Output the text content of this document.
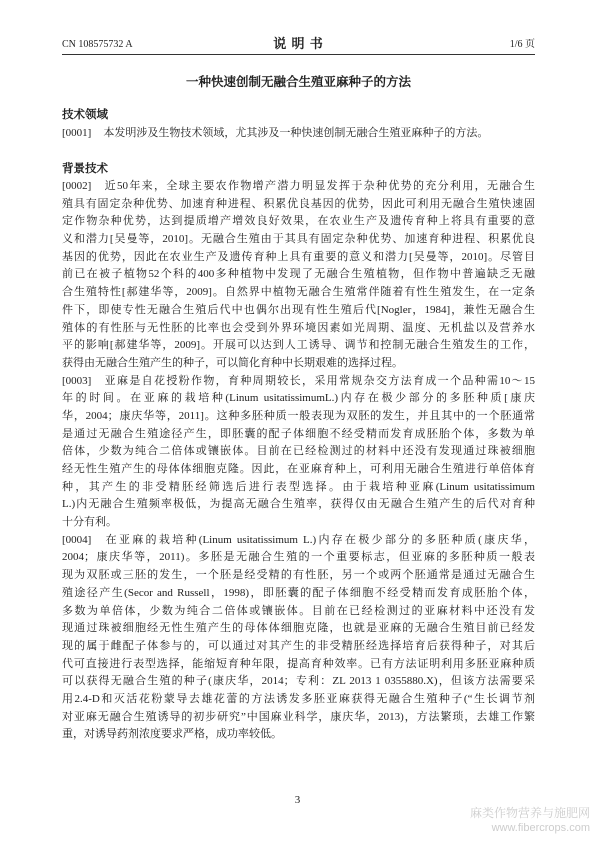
CN 108575732 A	说 明 书	1/6 页
一种快速创制无融合生殖亚麻种子的方法
技术领域
[0001] 本发明涉及生物技术领域，尤其涉及一种快速创制无融合生殖亚麻种子的方法。
背景技术
[0002] 近50年来，全球主要农作物增产潜力明显发挥于杂种优势的充分利用，无融合生
殖具有固定杂种优势、加速育种进程、积累优良基因的优势，因此可利用无融合生殖快速固
定作物杂种优势，达到提质增产增效良好效果，在农业生产及遗传育种上将具有重要的意
义和潜力[吴曼等，2010]。无融合生殖由于其具有固定杂种优势、加速育种进程、积累优良
基因的优势，因此在农业生产及遗传育种上具有重要的意义和潜力[吴曼等，2010]。尽管目
前已在被子植物52个科的400多种植物中发现了无融合生殖植物，但作物中普遍缺乏无融
合生殖特性[郝建华等，2009]。自然界中植物无融合生殖常伴随着有性生殖发生，在一定条
件下，即使专性无融合生殖后代中也偶尔出现有性生殖后代[Nogler，1984]，兼性无融合生
殖体的有性胚与无性胚的比率也会受到外界环境因素如光周期、温度、无机盐以及营养水
平的影响[郝建华等，2009]。开展可以达到人工诱导、调节和控制无融合生殖发生的工作，
获得由无融合生殖产生的种子，可以简化育种中长期艰难的选择过程。
[0003] 亚麻是自花授粉作物，育种周期较长，采用常规杂交方法育成一个品种需10～15
年的时间。在亚麻的栽培种(Linum usitatissimumL.)内存在极少部分的多胚种质[康庆
华，2004；康庆华等，2011]。这种多胚种质一般表现为双胚的发生，并且其中的一个胚通常
是通过无融合生殖途径产生，即胚囊的配子体细胞不经受精而发育成胚胎个体，多数为单
倍体，少数为纯合二倍体或镶嵌体。目前在已经检测过的材料中还没有发现通过珠被细胞
经无性生殖产生的母体体细胞克隆。因此，在亚麻育种上，可利用无融合生殖进行单倍体育
种，其产生的非受精胚经筛选后进行表型选择。由于栽培种亚麻(Linum usitatissimum
L.)内无融合生殖频率极低，为提高无融合生殖率，获得仅由无融合生殖产生的后代对育种
十分有利。
[0004] 在亚麻的栽培种(Linum usitatissimum L.)内存在极少部分的多胚种质(康庆华，
2004；康庆华等，2011)。多胚是无融合生殖的一个重要标志，但亚麻的多胚种质一般表
现为双胚或三胚的发生，一个胚是经受精的有性胚，另一个或两个胚通常是通过无融合生
殖途径产生(Secor and Russell，1998)，即胚囊的配子体细胞不经受精而发育成胚胎个体，
多数为单倍体，少数为纯合二倍体或镶嵌体。目前在已经检测过的亚麻材料中还没有发
现通过珠被细胞经无性生殖产生的母体体细胞克隆，也就是亚麻的无融合生殖目前已经发
现的属于雌配子体参与的，可以通过对其产生的非受精胚经选择培育后获得种子，对其后
代可直接进行表型选择，能缩短育种年限，提高育种效率。已有方法证明利用多胚亚麻种质
可以获得无融合生殖的种子(康庆华，2014；专利：ZL 2013 1 0355880.X)，但该方法需要采
用2.4-D和灭活花粉蒙导去雄花蕾的方法诱发多胚亚麻获得无融合生殖种子(“生长调节剂
对亚麻无融合生殖诱导的初步研究”中国麻业科学，康庆华，2013)，方法繁琐，去雄工作繁
重，对诱导药剂浓度要求严格，成功率较低。
3
麻类作物营养与施肥网
www.fibercrops.com
